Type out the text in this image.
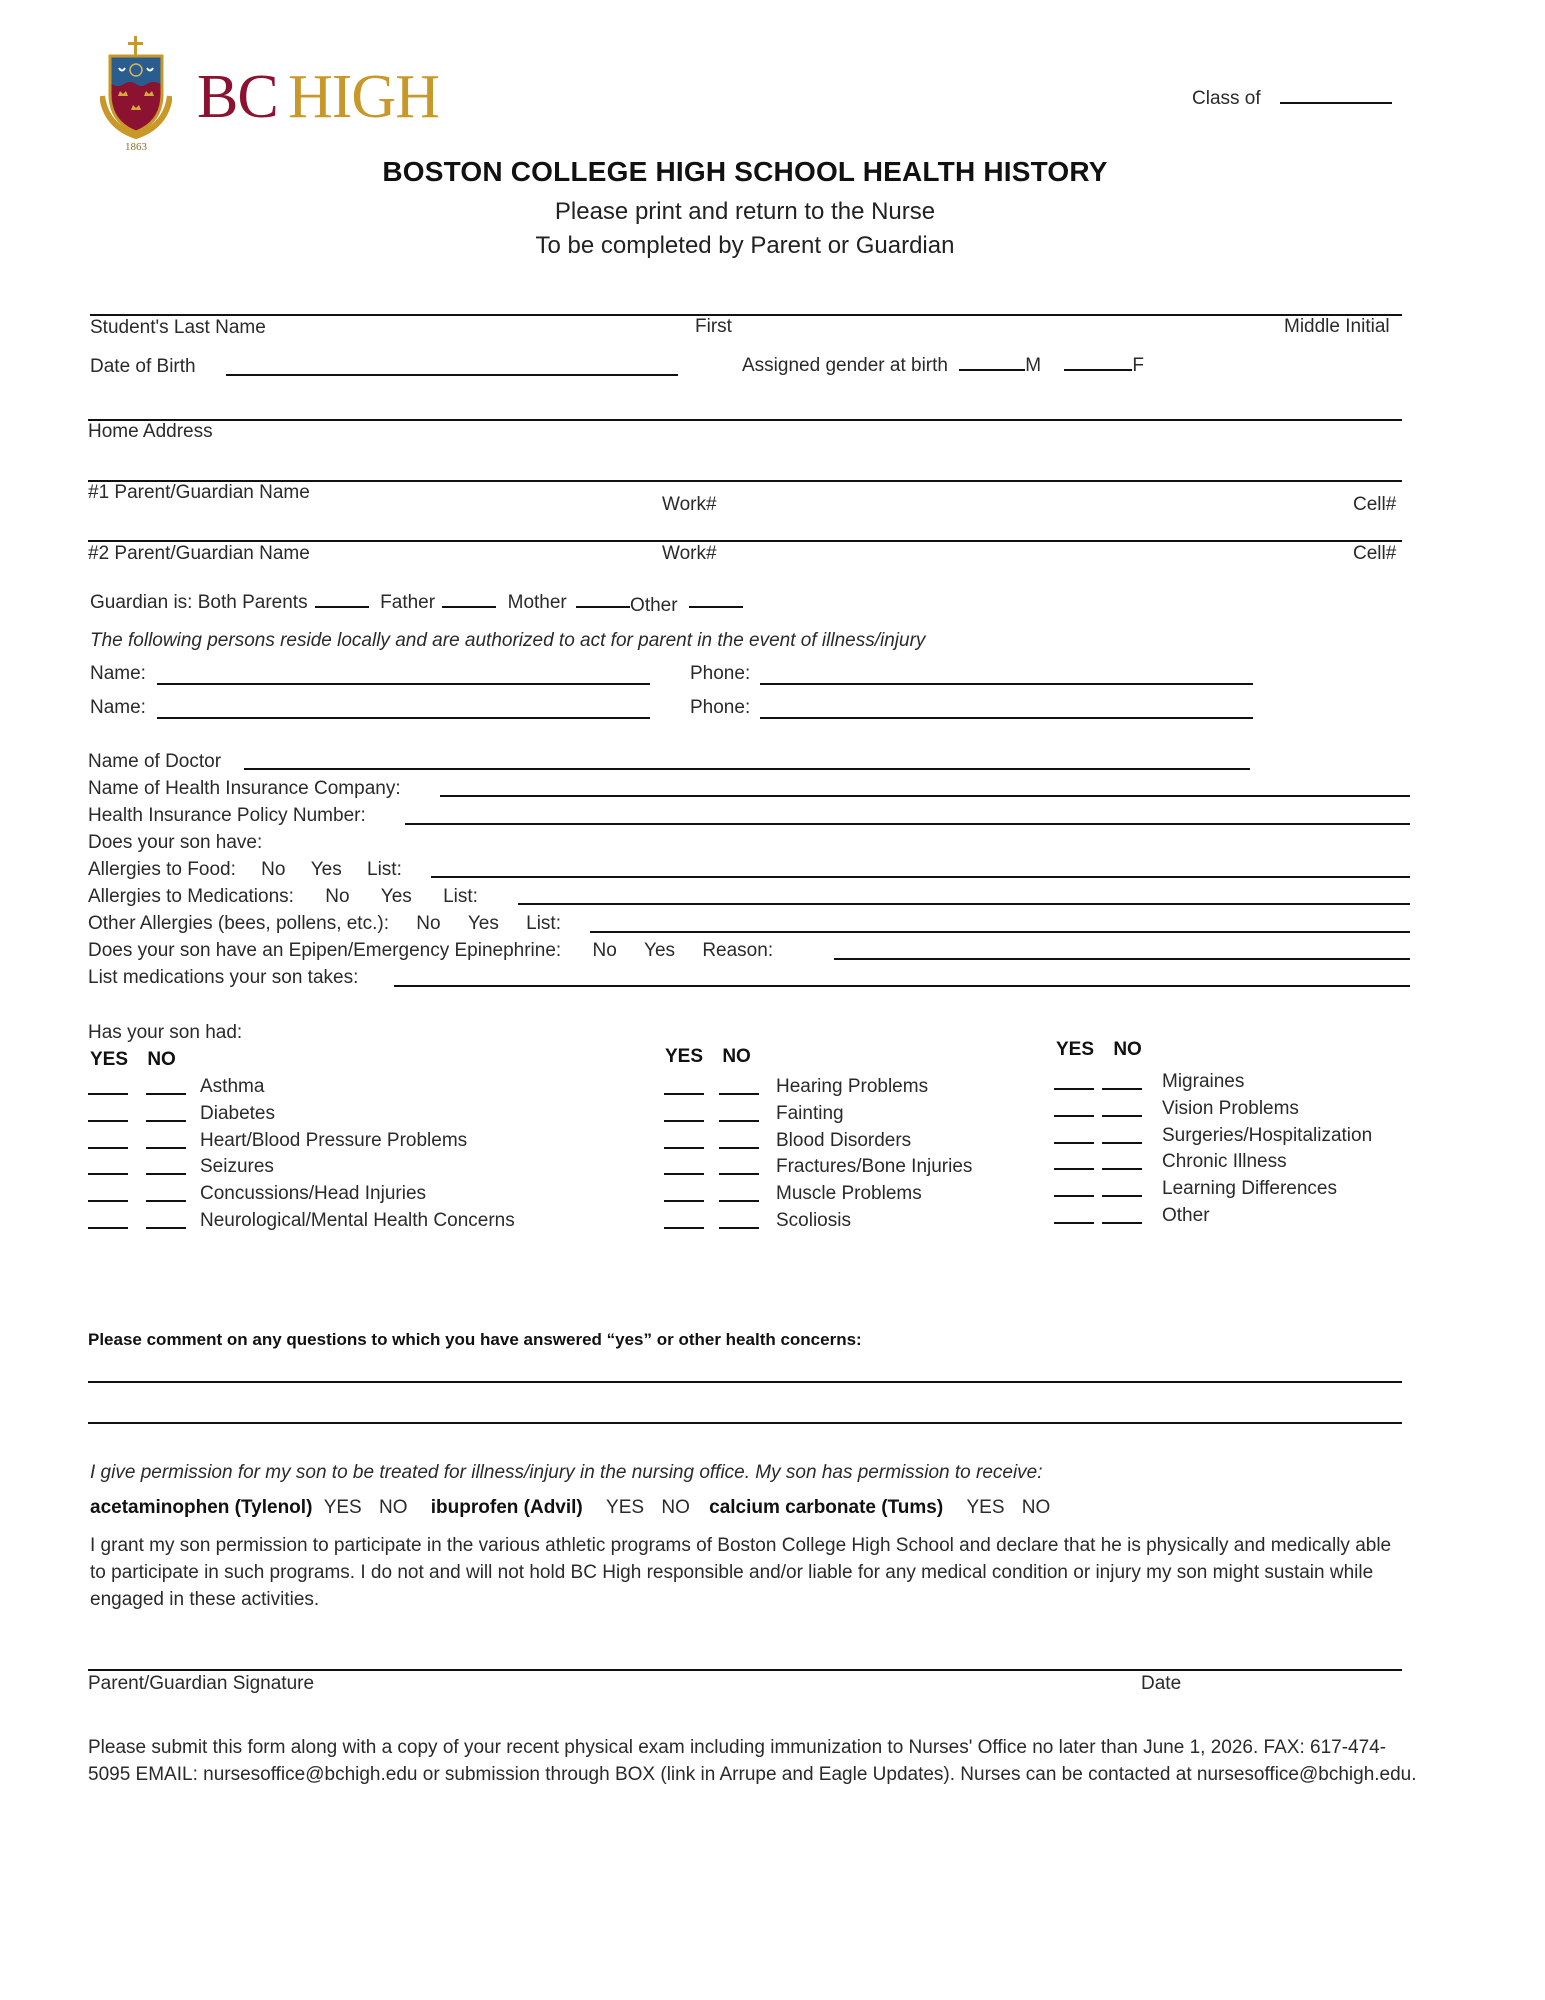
1863
BC HIGH	Class of
BOSTON COLLEGE HIGH SCHOOL HEALTH HISTORY
Please print and return to the Nurse
To be completed by Parent or Guardian
Student's Last Name	First	Middle Initial
Date of Birth	Assigned gender at birth	M	F
Home Address
#1 Parent/Guardian Name
Work#	Cell#
#2 Parent/Guardian Name	Work#	Cell#
Guardian is: Both Parents	Father	Mother	Other
The following persons reside locally and are authorized to act for parent in the event of illness/injury
Name:	Phone:
Name:	Phone:
Name of Doctor
Name of Health Insurance Company:
Health Insurance Policy Number:
Does your son have:
Allergies to Food: No Yes List:
Allergies to Medications: No Yes List:
Other Allergies (bees, pollens, etc.): No Yes List:
Does your son have an Epipen/Emergency Epinephrine: No Yes Reason:
List medications your son takes:
Has your son had:
YES NO	YES NO	YES NO
Asthma
Diabetes
Heart/Blood Pressure Problems
Seizures
Concussions/Head Injuries
Neurological/Mental Health Concerns
Hearing Problems
Fainting
Blood Disorders
Fractures/Bone Injuries
Muscle Problems
Scoliosis
Migraines
Vision Problems
Surgeries/Hospitalization
Chronic Illness
Learning Differences
Other
Please comment on any questions to which you have answered “yes” or other health concerns:
I give permission for my son to be treated for illness/injury in the nursing office. My son has permission to receive:
acetaminophen (Tylenol) YES NO ibuprofen (Advil) YES NO calcium carbonate (Tums) YES NO
I grant my son permission to participate in the various athletic programs of Boston College High School and declare that he is physically and medically able to participate in such programs. I do not and will not hold BC High responsible and/or liable for any medical condition or injury my son might sustain while engaged in these activities.
Parent/Guardian Signature	Date
Please submit this form along with a copy of your recent physical exam including immunization to Nurses' Office no later than June 1, 2026. FAX: 617-474-5095 EMAIL: nursesoffice@bchigh.edu or submission through BOX (link in Arrupe and Eagle Updates). Nurses can be contacted at nursesoffice@bchigh.edu.
